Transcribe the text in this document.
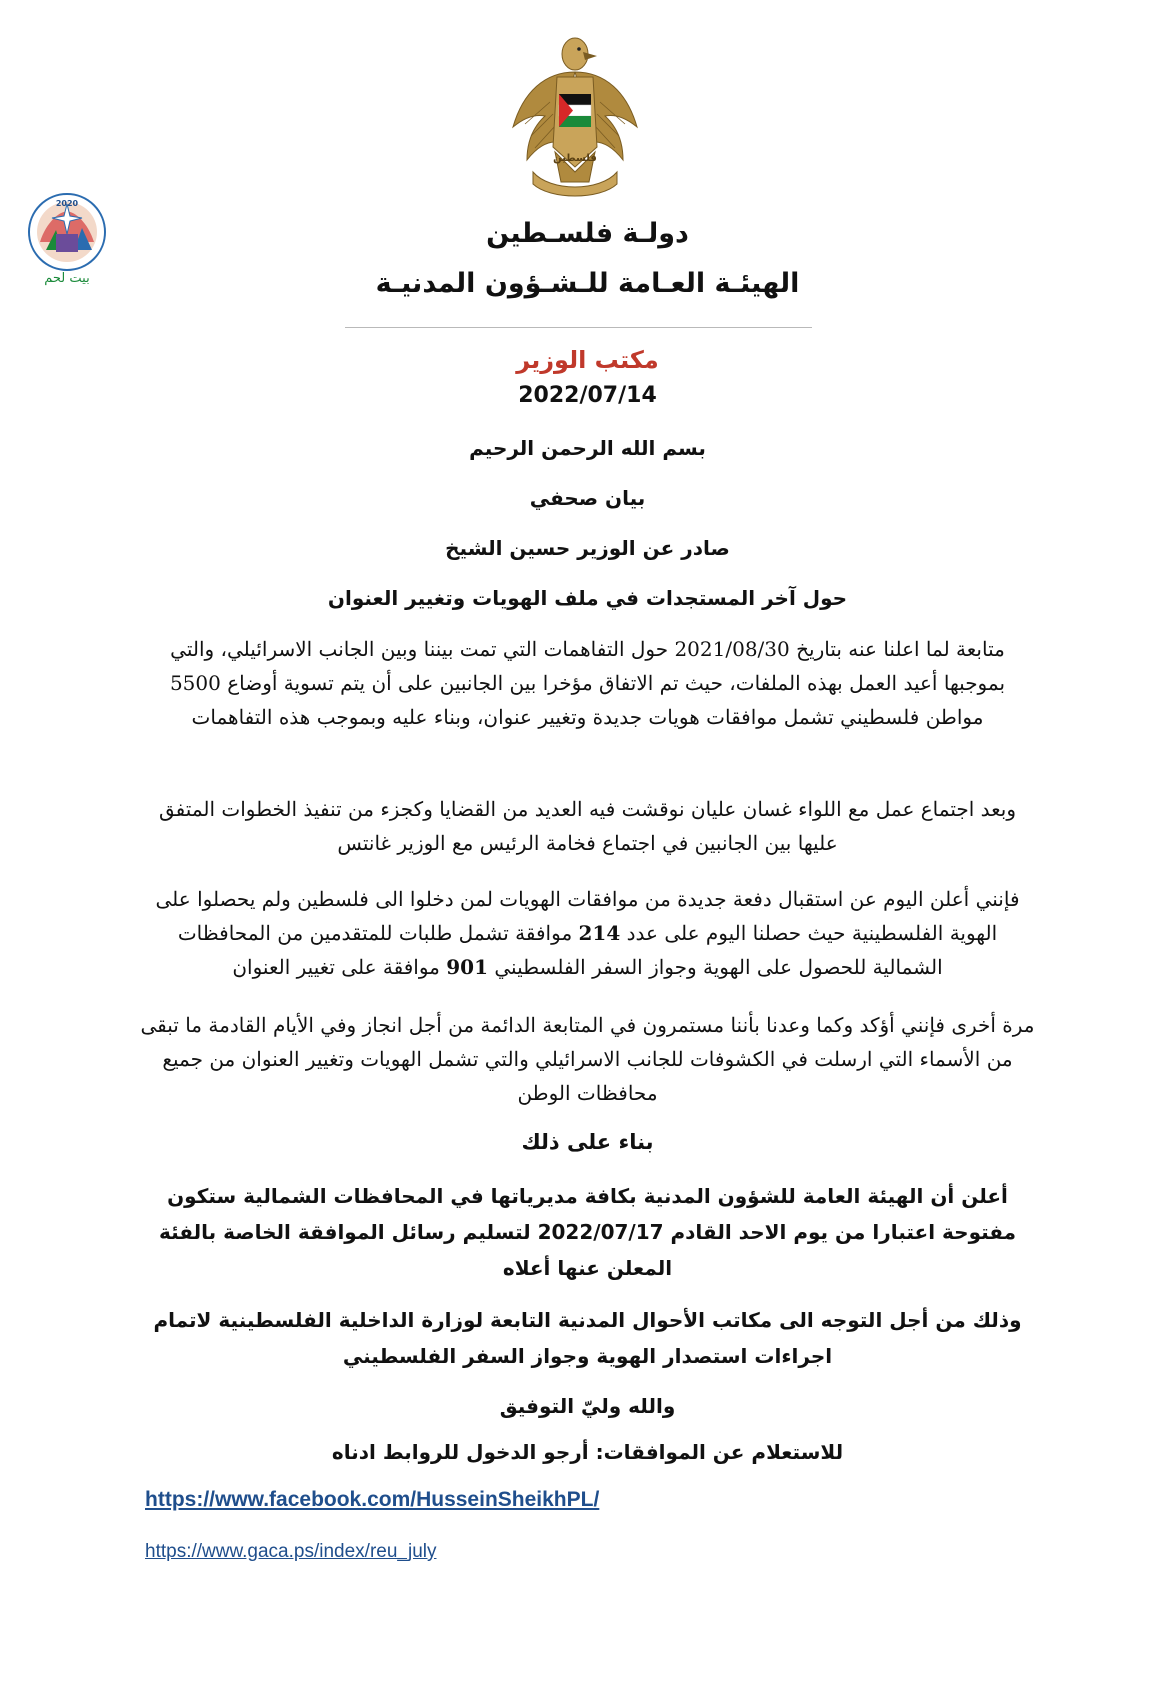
فلسطين
2020
بيت لحم
دولـة فلسـطين
الهيئـة العـامة للـشـؤون المدنيـة
مكتب الوزير
2022/07/14
بسم الله الرحمن الرحيم
بيان صحفي
صادر عن الوزير حسين الشيخ
حول آخر المستجدات في ملف الهويات وتغيير العنوان
متابعة لما اعلنا عنه بتاريخ 2021/08/30 حول التفاهمات التي تمت بيننا وبين الجانب الاسرائيلي، والتي بموجبها أعيد العمل بهذه الملفات، حيث تم الاتفاق مؤخرا بين الجانبين على أن يتم تسوية أوضاع 5500 مواطن فلسطيني تشمل موافقات هويات جديدة وتغيير عنوان، وبناء عليه وبموجب هذه التفاهمات
وبعد اجتماع عمل مع اللواء غسان عليان نوقشت فيه العديد من القضايا وكجزء من تنفيذ الخطوات المتفق عليها بين الجانبين في اجتماع فخامة الرئيس مع الوزير غانتس
فإنني أعلن اليوم عن استقبال دفعة جديدة من موافقات الهويات لمن دخلوا الى فلسطين ولم يحصلوا على الهوية الفلسطينية حيث حصلنا اليوم على عدد 214 موافقة تشمل طلبات للمتقدمين من المحافظات الشمالية للحصول على الهوية وجواز السفر الفلسطيني 901 موافقة على تغيير العنوان
مرة أخرى فإنني أؤكد وكما وعدنا بأننا مستمرون في المتابعة الدائمة من أجل انجاز وفي الأيام القادمة ما تبقى من الأسماء التي ارسلت في الكشوفات للجانب الاسرائيلي والتي تشمل الهويات وتغيير العنوان من جميع محافظات الوطن
بناء على ذلك
أعلن أن الهيئة العامة للشؤون المدنية بكافة مديرياتها في المحافظات الشمالية ستكون مفتوحة اعتبارا من يوم الاحد القادم 2022/07/17 لتسليم رسائل الموافقة الخاصة بالفئة المعلن عنها أعلاه
وذلك من أجل التوجه الى مكاتب الأحوال المدنية التابعة لوزارة الداخلية الفلسطينية لاتمام اجراءات استصدار الهوية وجواز السفر الفلسطيني
والله وليّ التوفيق
للاستعلام عن الموافقات: أرجو الدخول للروابط ادناه
https://www.facebook.com/HusseinSheikhPL/
https://www.gaca.ps/index/reu_july
